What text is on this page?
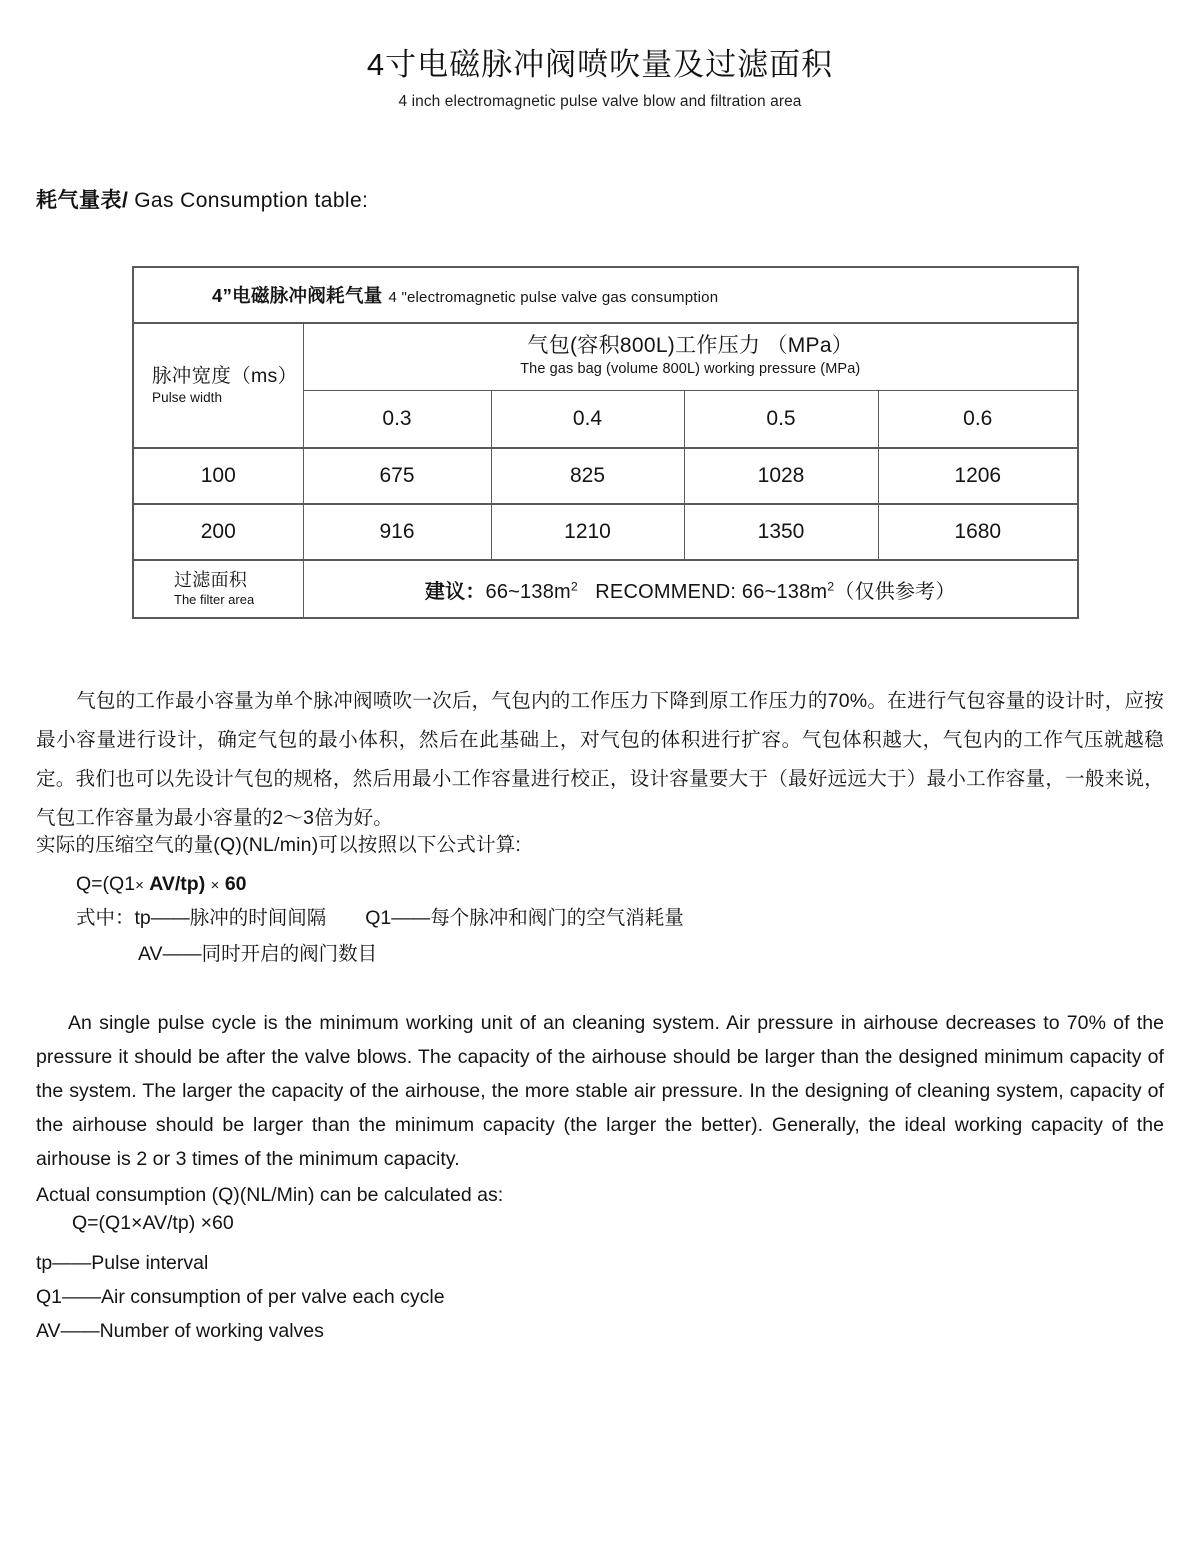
4寸电磁脉冲阀喷吹量及过滤面积
4 inch electromagnetic pulse valve blow and filtration area
耗气量表/ Gas Consumption table:
4”电磁脉冲阀耗气量 4 "electromagnetic pulse valve gas consumption				

脉冲宽度（ms）
Pulse width	气包(容积800L)工作压力 （MPa）
The gas bag (volume 800L) working pressure (MPa)			

	0.3	0.4	0.5	0.6
100	675	825	1028	1206
200	916	1210	1350	1680

过滤面积
The filter area	建议：$66\sim 138m^2$ RECOMMEND: $66\sim 138m^2$（仅供参考）			
气包的工作最小容量为单个脉冲阀喷吹一次后，气包内的工作压力下降到原工作压力的70%。在进行气包容量的设计时，应按最小容量进行设计，确定气包的最小体积，然后在此基础上，对气包的体积进行扩容。气包体积越大，气包内的工作气压就越稳定。我们也可以先设计气包的规格，然后用最小工作容量进行校正，设计容量要大于（最好远远大于）最小工作容量，一般来说，气包工作容量为最小容量的2～3倍为好。
实际的压缩空气的量(Q)(NL/min)可以按照以下公式计算:
Q=(Q1× AV/tp) × 60
式中：tp——脉冲的时间间隔　　Q1——每个脉冲和阀门的空气消耗量
AV——同时开启的阀门数目
An single pulse cycle is the minimum working unit of an cleaning system. Air pressure in airhouse decreases to 70% of the pressure it should be after the valve blows. The capacity of the airhouse should be larger than the designed minimum capacity of the system. The larger the capacity of the airhouse, the more stable air pressure. In the designing of cleaning system, capacity of the airhouse should be larger than the minimum capacity (the larger the better). Generally, the ideal working capacity of the airhouse is 2 or 3 times of the minimum capacity.
Actual consumption (Q)(NL/Min) can be calculated as:
Q=(Q1×AV/tp) ×60
tp——Pulse interval
Q1——Air consumption of per valve each cycle
AV——Number of working valves
